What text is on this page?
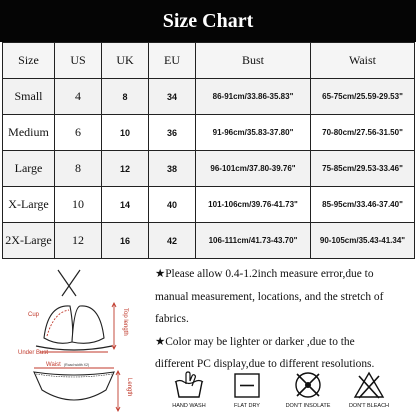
Size Chart
Size	US	UK	EU	Bust	Waist
Small	4	8	34	86-91cm/33.86-35.83"	65-75cm/25.59-29.53"
Medium	6	10	36	91-96cm/35.83-37.80"	70-80cm/27.56-31.50"
Large	8	12	38	96-101cm/37.80-39.76"	75-85cm/29.53-33.46"
X-Large	10	14	40	101-106cm/39.76-41.73"	85-95cm/33.46-37.40"
2X-Large	12	16	42	106-111cm/41.73-43.70"	90-105cm/35.43-41.34"
Cup	Top length
Under Bust
Waist (Road width X2)
Length
★Please allow 0.4-1.2inch measure error,due to
manual measurement, locations, and the stretch of
fabrics.
★Color may be lighter or darker ,due to the
different PC display,due to different resolutions.
HAND WASH	FLAT DRY	DON'T INSOLATE	DON'T BLEACH
